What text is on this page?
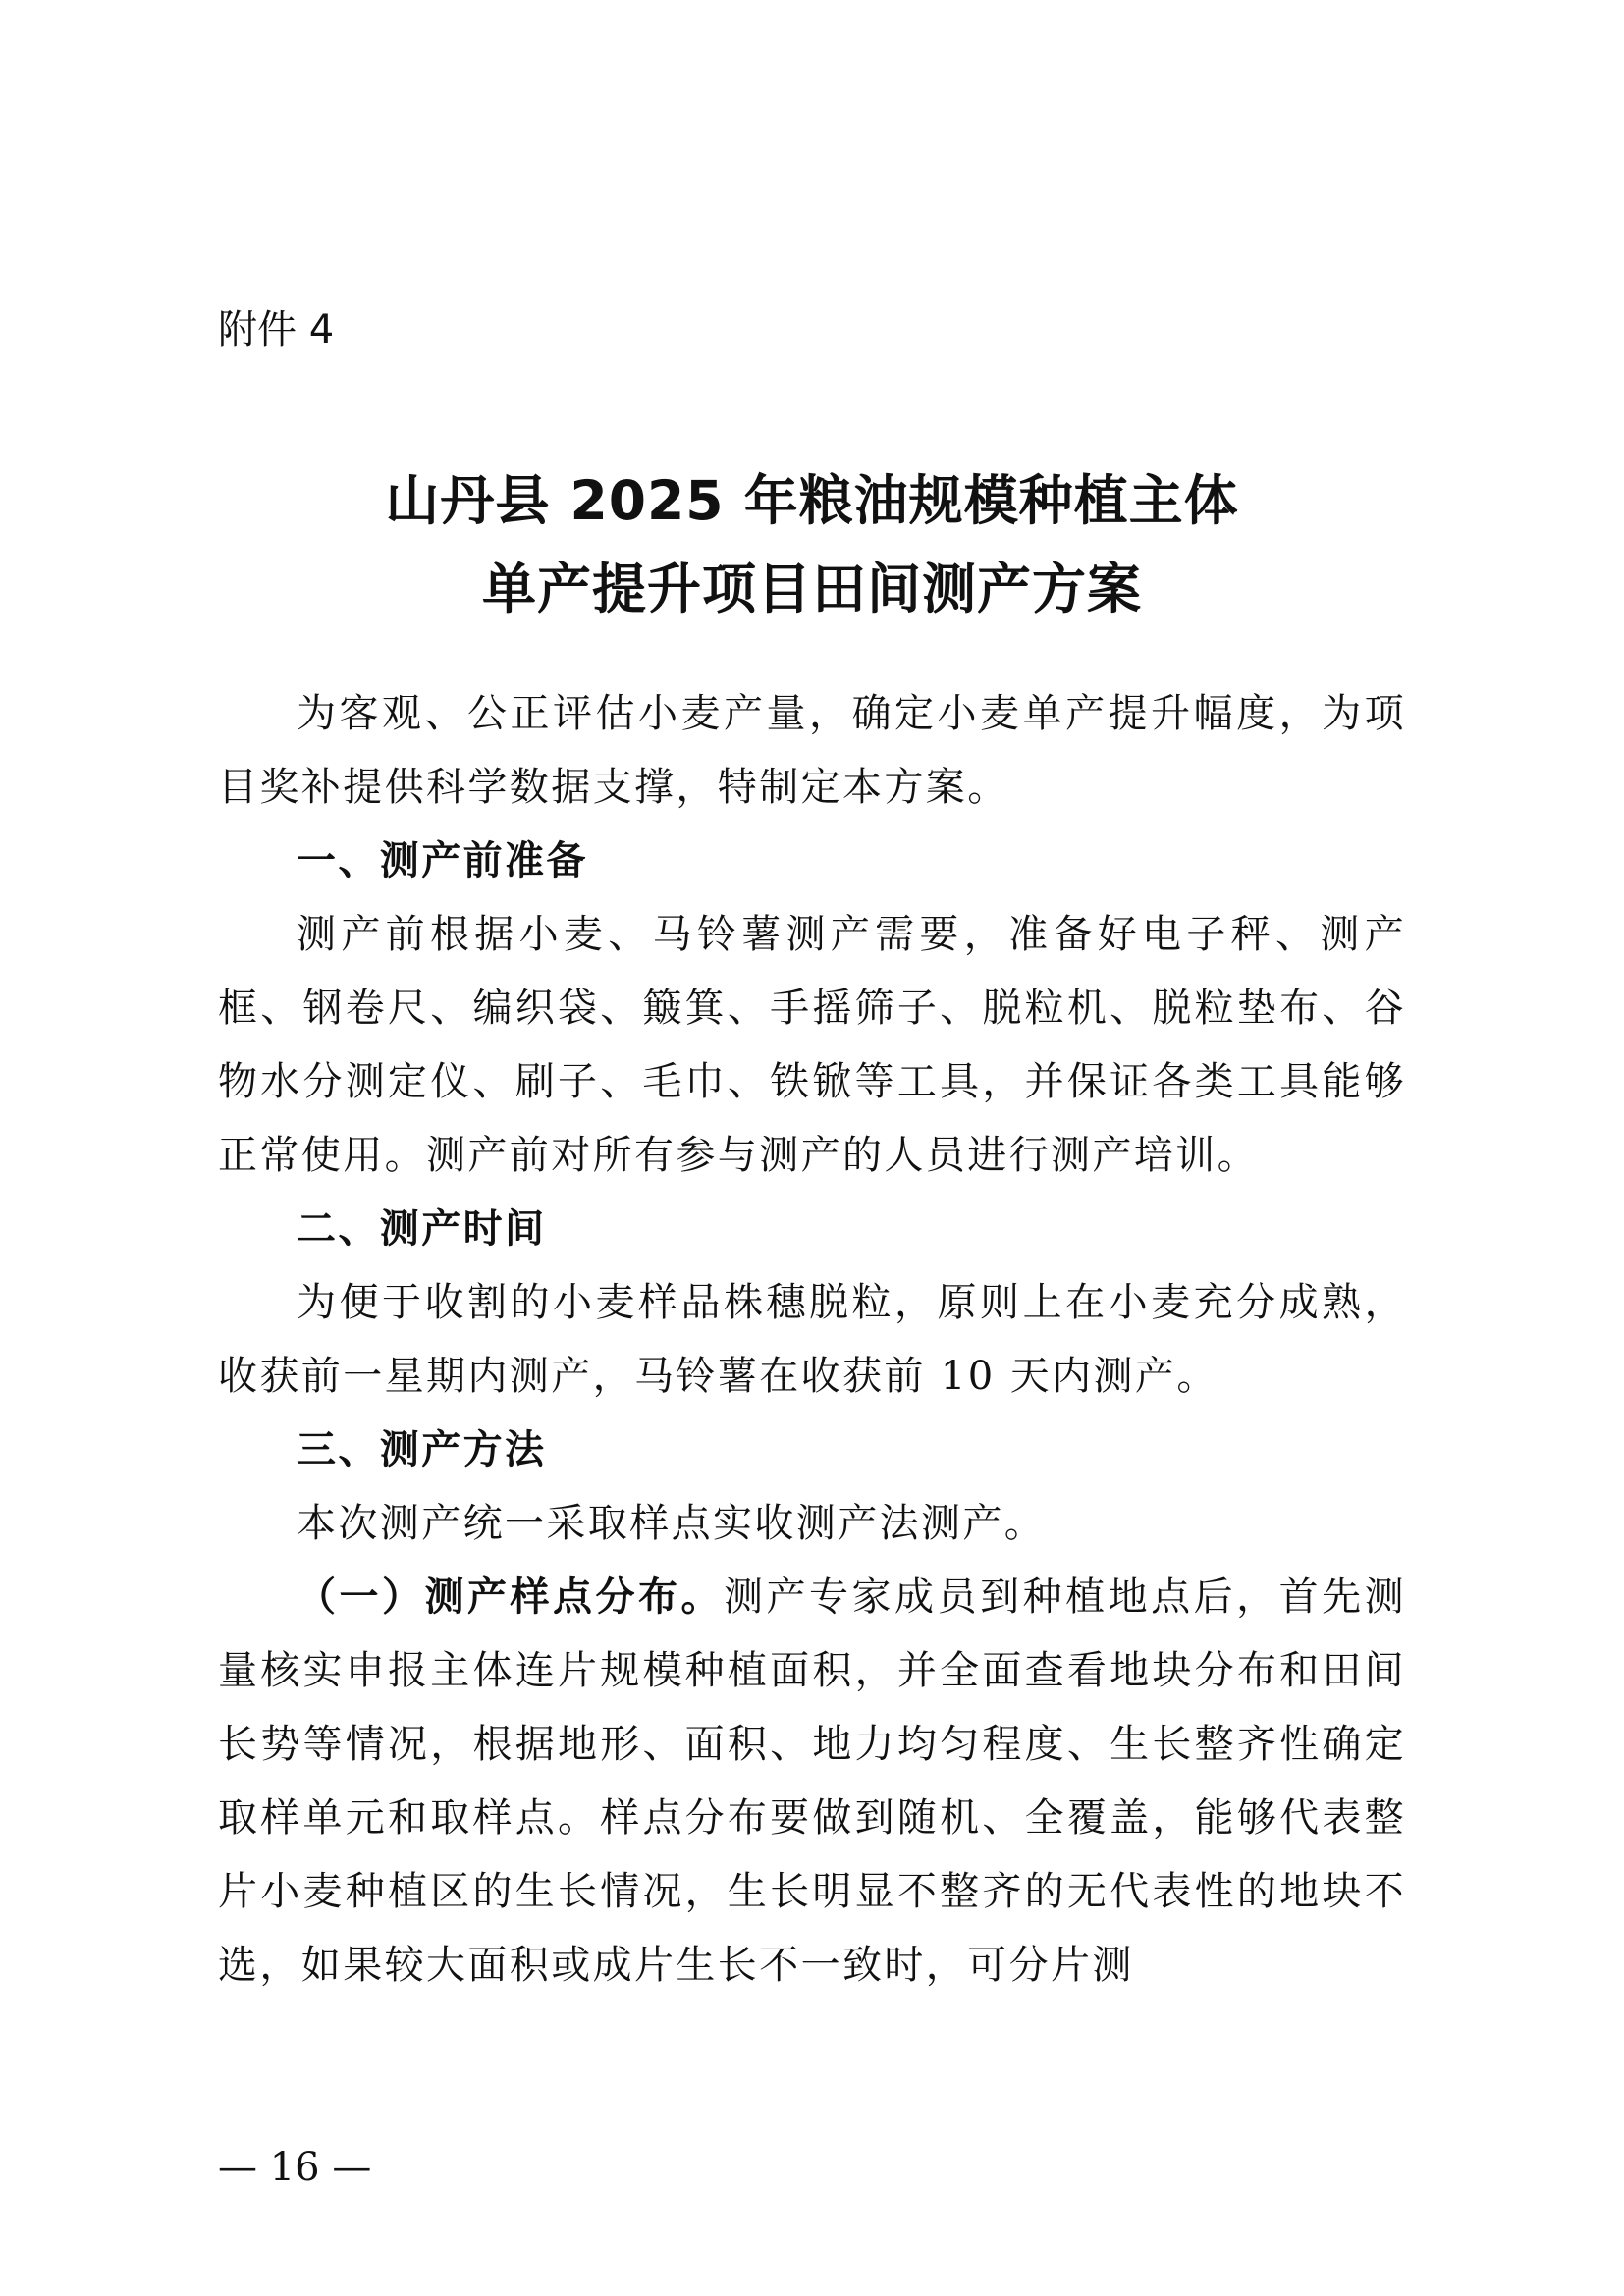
附件 4
山丹县 2025 年粮油规模种植主体
单产提升项目田间测产方案

为客观、公正评估小麦产量，确定小麦单产提升幅度，为项目奖补提供科学数据支撑，特制定本方案。

一、测产前准备

测产前根据小麦、马铃薯测产需要，准备好电子秤、测产框、钢卷尺、编织袋、簸箕、手摇筛子、脱粒机、脱粒垫布、谷物水分测定仪、刷子、毛巾、铁锨等工具，并保证各类工具能够正常使用。测产前对所有参与测产的人员进行测产培训。

二、测产时间

为便于收割的小麦样品株穗脱粒，原则上在小麦充分成熟，收获前一星期内测产，马铃薯在收获前 10 天内测产。

三、测产方法

本次测产统一采取样点实收测产法测产。

（一）测产样点分布。测产专家成员到种植地点后，首先测量核实申报主体连片规模种植面积，并全面查看地块分布和田间长势等情况，根据地形、面积、地力均匀程度、生长整齐性确定取样单元和取样点。样点分布要做到随机、全覆盖，能够代表整片小麦种植区的生长情况，生长明显不整齐的无代表性的地块不选，如果较大面积或成片生长不一致时，可分片测

— 16 —
